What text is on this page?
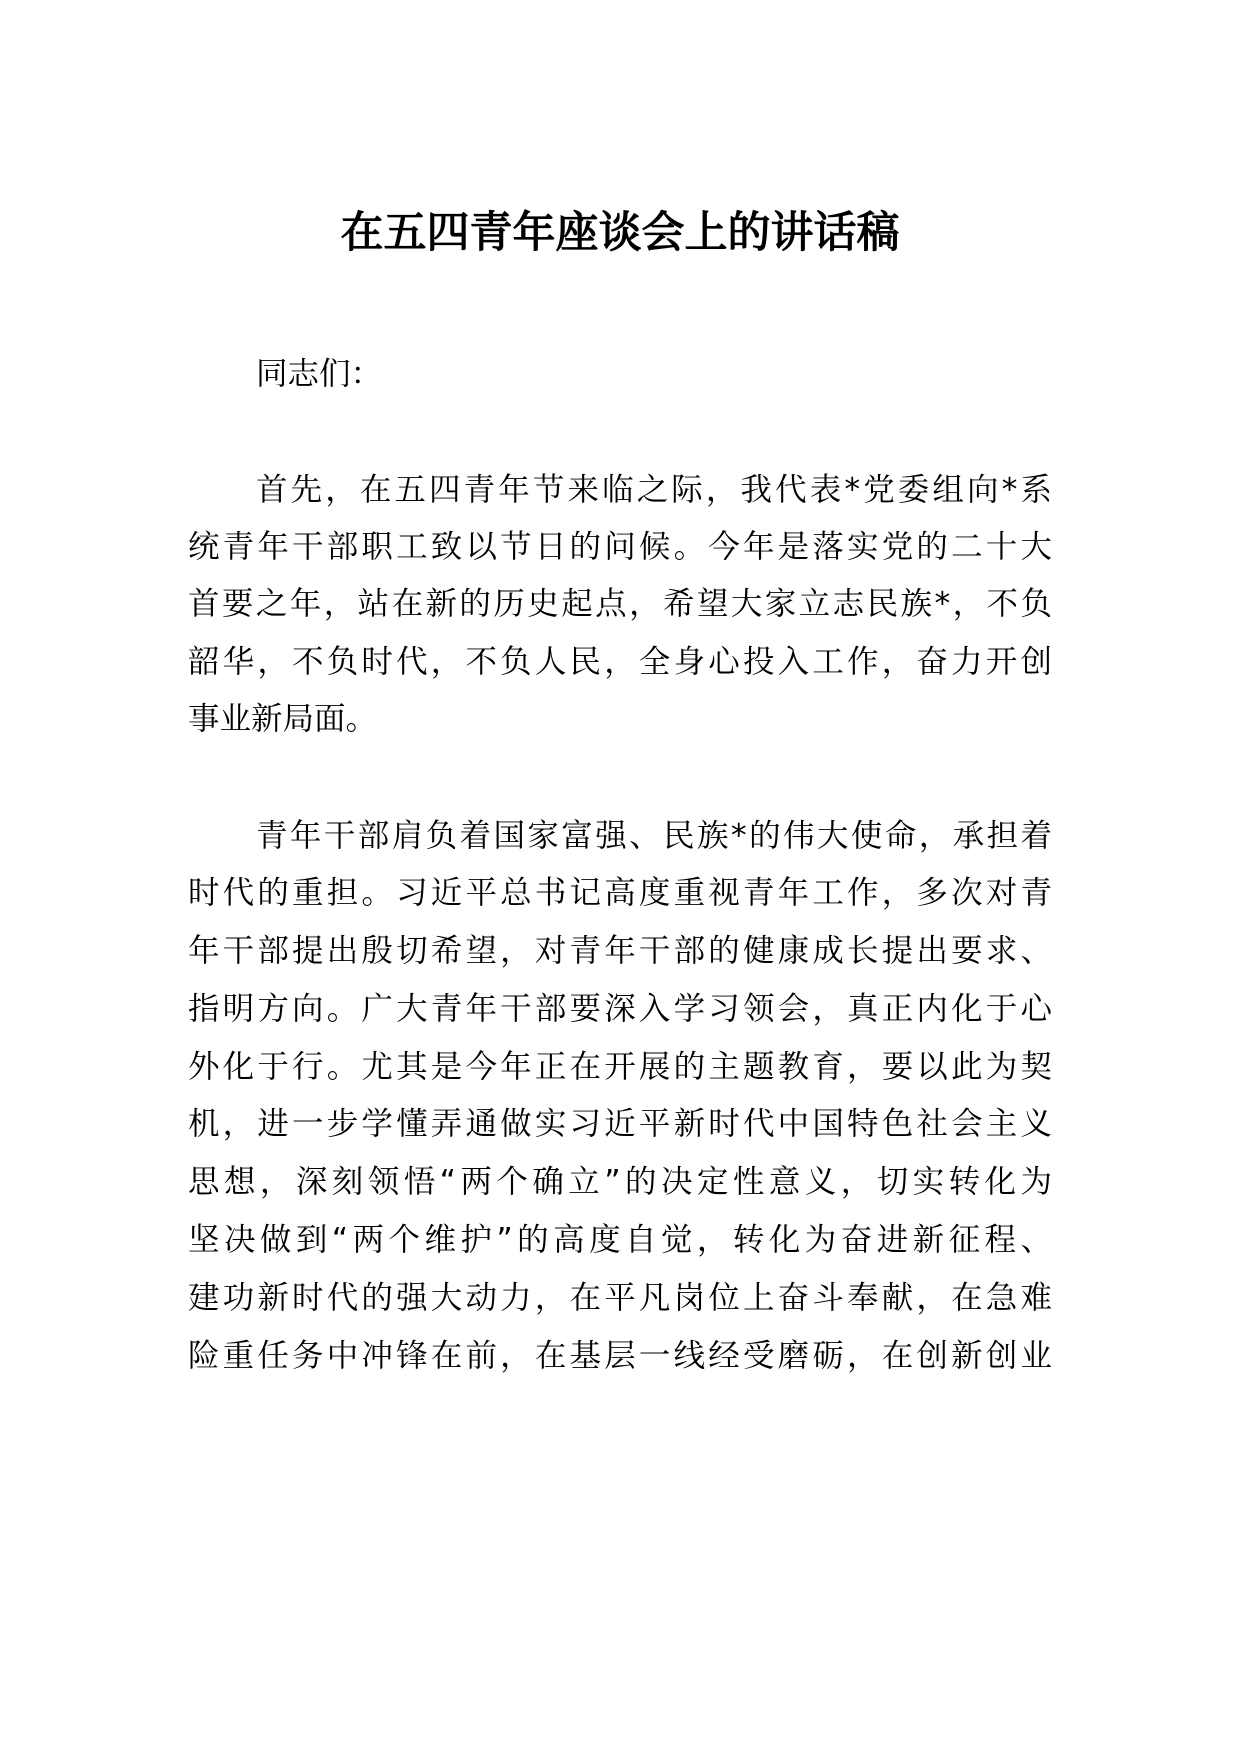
在五四青年座谈会上的讲话稿

同志们：

首先，在五四青年节来临之际，我代表*党委组向*系

统青年干部职工致以节日的问候。今年是落实党的二十大

首要之年，站在新的历史起点，希望大家立志民族*，不负

韶华，不负时代，不负人民，全身心投入工作，奋力开创

事业新局面。

青年干部肩负着国家富强、民族*的伟大使命，承担着

时代的重担。习近平总书记高度重视青年工作，多次对青

年干部提出殷切希望，对青年干部的健康成长提出要求、

指明方向。广大青年干部要深入学习领会，真正内化于心

外化于行。尤其是今年正在开展的主题教育，要以此为契

机，进一步学懂弄通做实习近平新时代中国特色社会主义

思想，深刻领悟“两个确立”的决定性意义，切实转化为

坚决做到“两个维护”的高度自觉，转化为奋进新征程、

建功新时代的强大动力，在平凡岗位上奋斗奉献，在急难

险重任务中冲锋在前，在基层一线经受磨砺，在创新创业
